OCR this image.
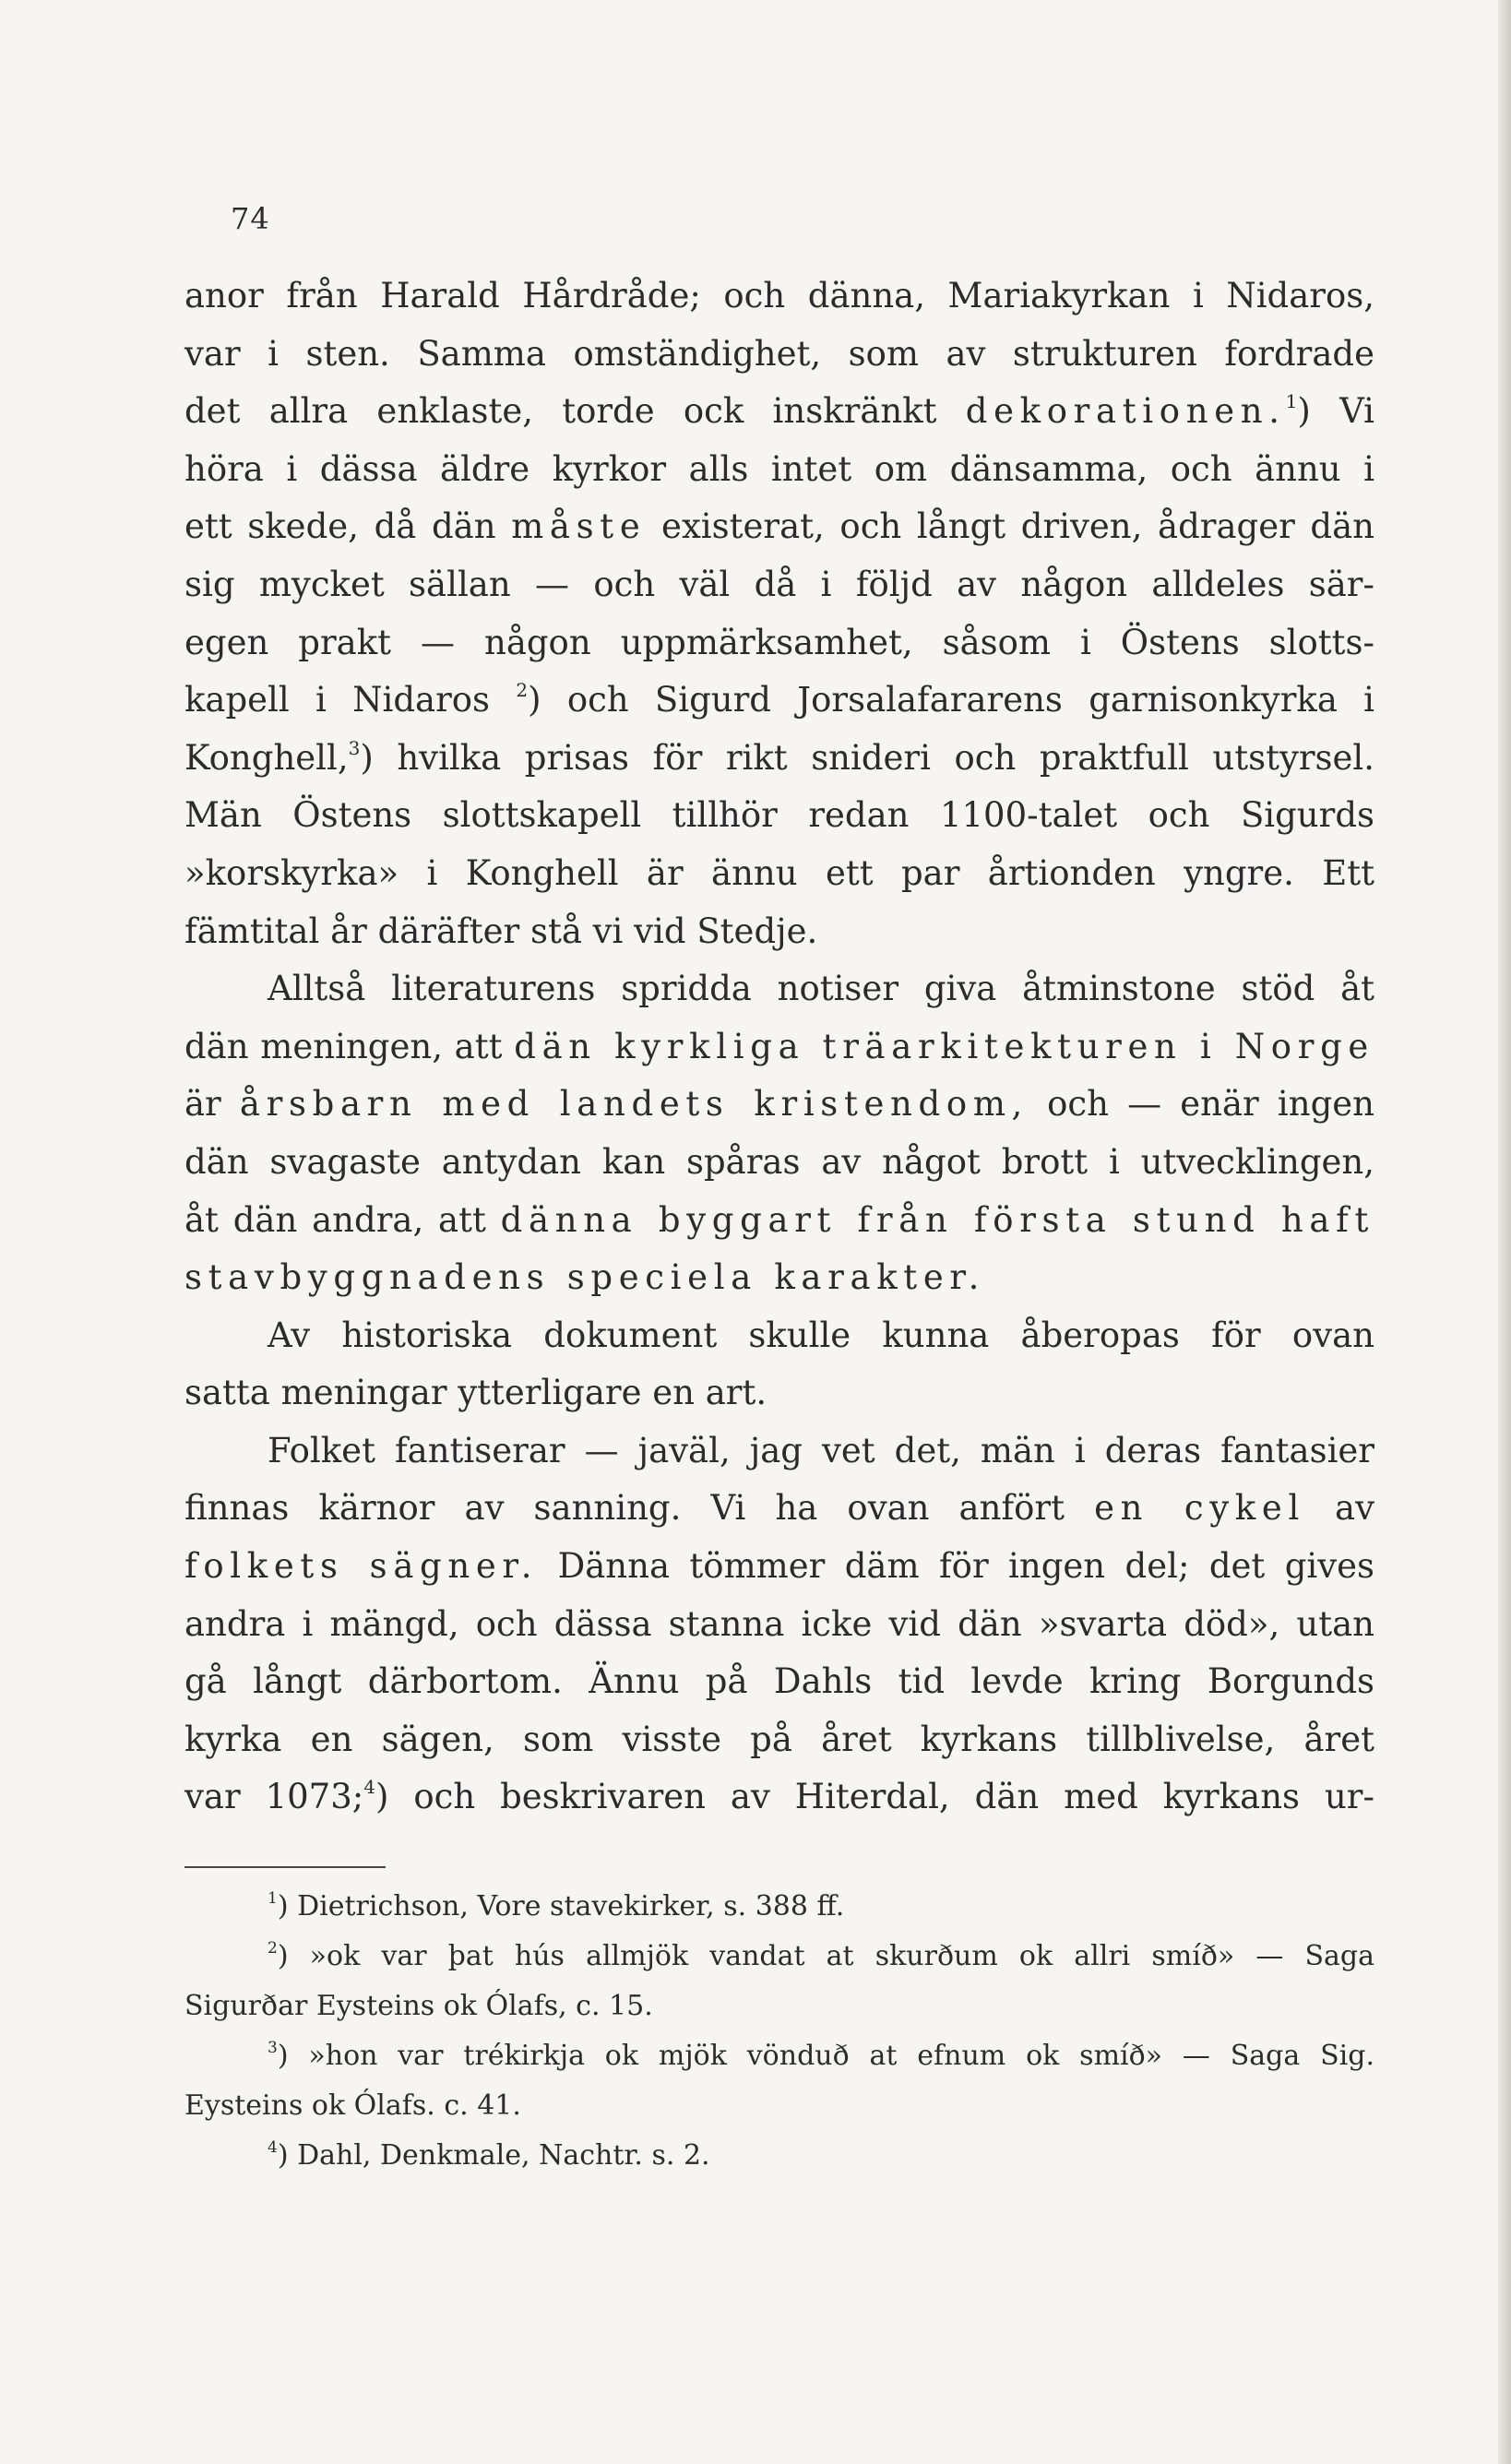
74
anor från Harald Hårdråde; och dänna, Mariakyrkan i Nidaros,
var i sten. Samma omständighet, som av strukturen fordrade
det allra enklaste, torde ock inskränkt dekorationen.$^1$) Vi
höra i dässa äldre kyrkor alls intet om dänsamma, och ännu i
ett skede, då dän måste existerat, och långt driven, ådrager dän
sig mycket sällan — och väl då i följd av någon alldeles sär-
egen prakt — någon uppmärksamhet, såsom i Östens slotts-
kapell i Nidaros $^2$) och Sigurd Jorsalafararens garnisonkyrka i
Konghell,$^3$) hvilka prisas för rikt snideri och praktfull utstyrsel.
Män Östens slottskapell tillhör redan 1100-talet och Sigurds
»korskyrka» i Konghell är ännu ett par årtionden yngre. Ett
fämtital år däräfter stå vi vid Stedje.
Alltså literaturens spridda notiser giva åtminstone stöd åt
dän meningen, att dän kyrkliga träarkitekturen i Norge
är årsbarn med landets kristendom, och — enär ingen
dän svagaste antydan kan spåras av något brott i utvecklingen,
åt dän andra, att dänna byggart från första stund haft
stavbyggnadens speciela karakter.
Av historiska dokument skulle kunna åberopas för ovan
satta meningar ytterligare en art.
Folket fantiserar — javäl, jag vet det, män i deras fantasier
finnas kärnor av sanning. Vi ha ovan anfört en cykel av
folkets sägner. Dänna tömmer däm för ingen del; det gives
andra i mängd, och dässa stanna icke vid dän »svarta död», utan
gå långt därbortom. Ännu på Dahls tid levde kring Borgunds
kyrka en sägen, som visste på året kyrkans tillblivelse, året
var 1073;$^4$) och beskrivaren av Hiterdal, dän med kyrkans ur-
$^1$) Dietrichson, Vore stavekirker, s. 388 ff.
$^2$) »ok var þat hús allmjök vandat at skurðum ok allri smíð» — Saga
Sigurðar Eysteins ok Ólafs, c. 15.
$^3$) »hon var trékirkja ok mjök vönduð at efnum ok smíð» — Saga Sig.
Eysteins ok Ólafs. c. 41.
$^4$) Dahl, Denkmale, Nachtr. s. 2.
